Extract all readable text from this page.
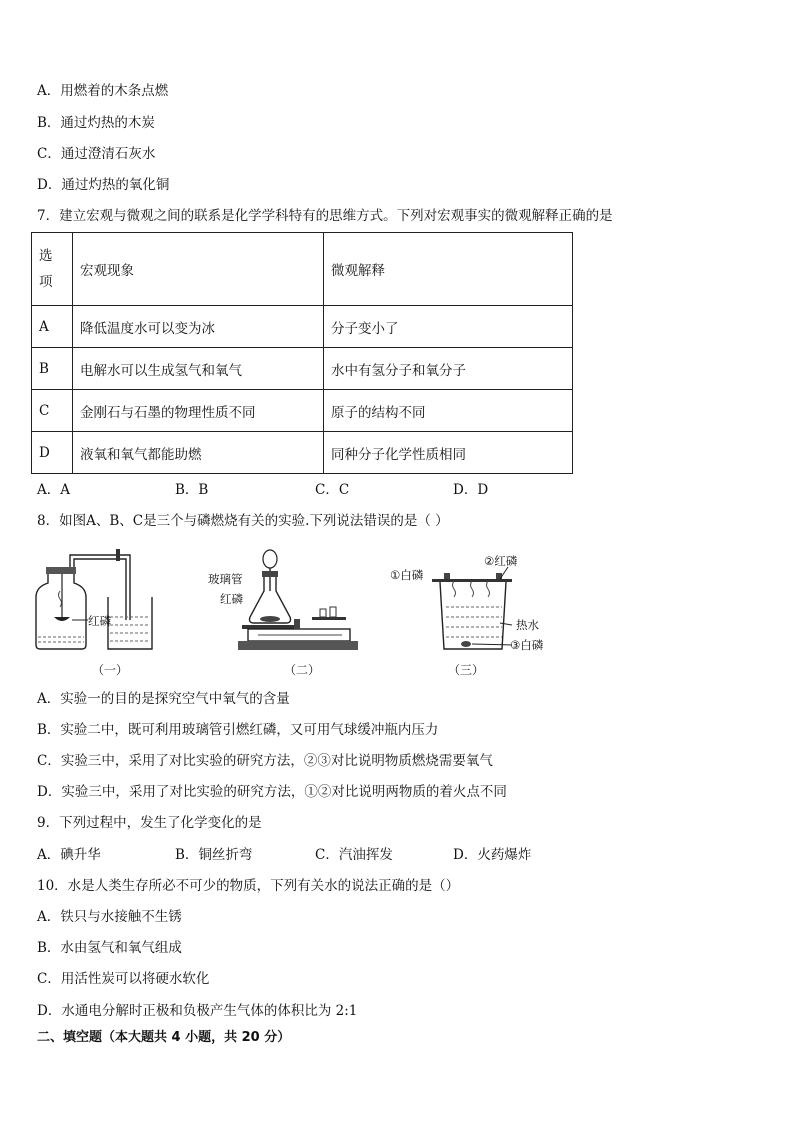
A．用燃着的木条点燃
B．通过灼热的木炭
C．通过澄清石灰水
D．通过灼热的氧化铜
7．建立宏观与微观之间的联系是化学学科特有的思维方式。下列对宏观事实的微观解释正确的是
选
项	宏观现象	微观解释
A	降低温度水可以变为冰	分子变小了
B	电解水可以生成氢气和氧气	水中有氢分子和氧分子
C	金刚石与石墨的物理性质不同	原子的结构不同
D	液氧和氧气都能助燃	同种分子化学性质相同
A．A	B．B	C．C	D．D
8．如图A、B、C是三个与磷燃烧有关的实验.下列说法错误的是（ ）
红磷
（一）
玻璃管
红磷
（二）
②红磷
①白磷
热水
③白磷
（三）
A．实验一的目的是探究空气中氧气的含量
B．实验二中，既可利用玻璃管引燃红磷，又可用气球缓冲瓶内压力
C．实验三中，采用了对比实验的研究方法，②③对比说明物质燃烧需要氧气
D．实验三中，采用了对比实验的研究方法，①②对比说明两物质的着火点不同
9．下列过程中，发生了化学变化的是
A．碘升华	B．铜丝折弯	C．汽油挥发	D．火药爆炸
10．水是人类生存所必不可少的物质，下列有关水的说法正确的是（）
A．铁只与水接触不生锈
B．水由氢气和氧气组成
C．用活性炭可以将硬水软化
D．水通电分解时正极和负极产生气体的体积比为 2:1
二、填空题（本大题共 4 小题，共 20 分）
